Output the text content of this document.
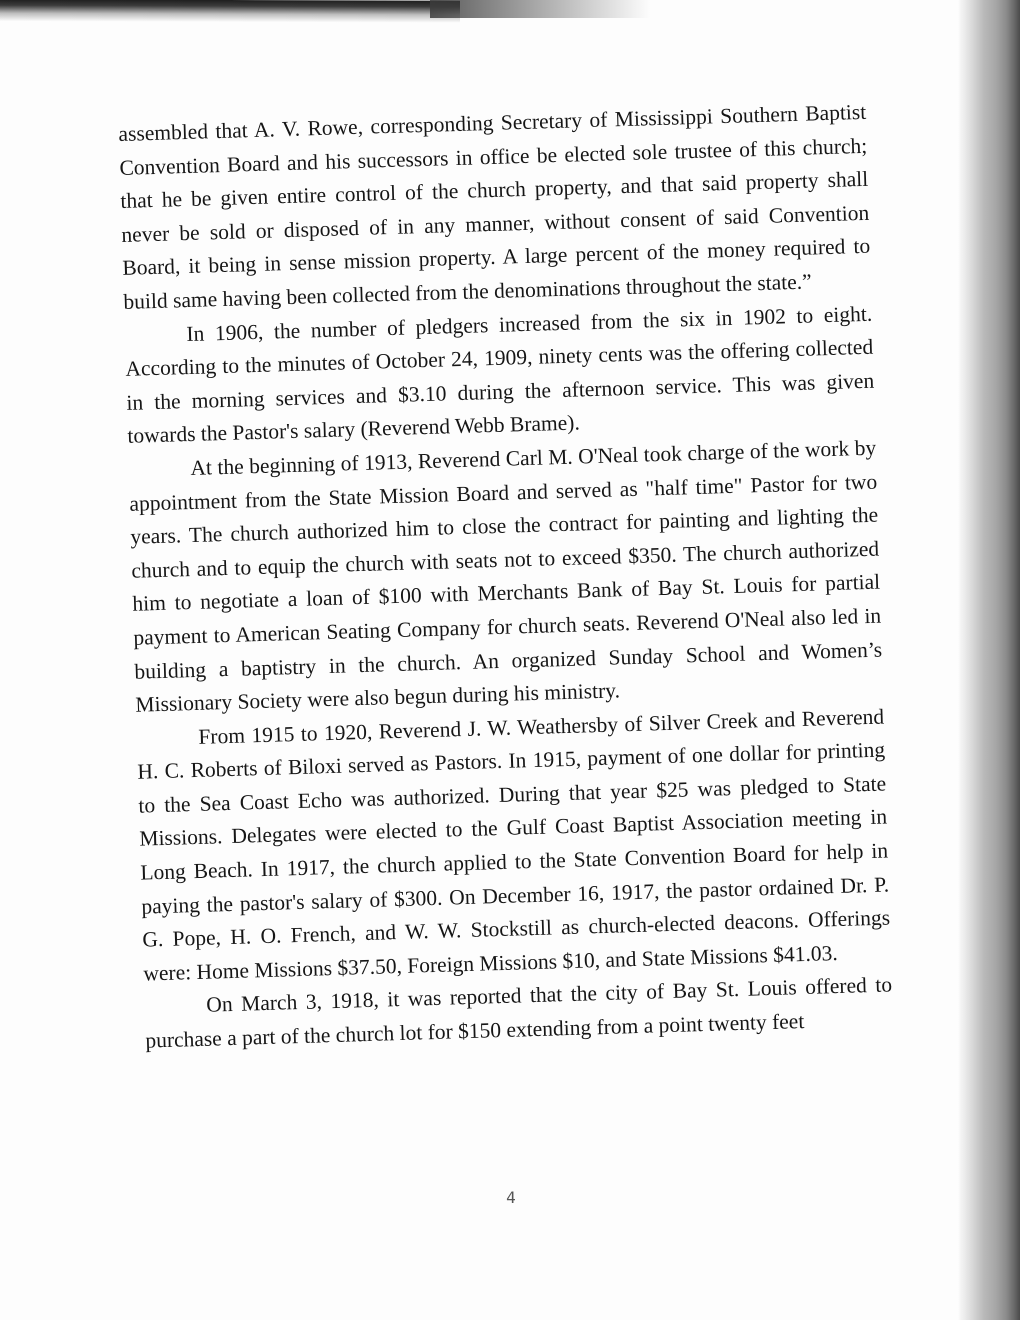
assembled that A. V. Rowe, corresponding Secretary of Mississippi Southern Baptist Convention Board and his successors in office be elected sole trustee of this church; that he be given entire control of the church property, and that said property shall never be sold or disposed of in any manner, without consent of said Convention Board, it being in sense mission property. A large percent of the money required to build same having been collected from the denominations throughout the state.”

In 1906, the number of pledgers increased from the six in 1902 to eight. According to the minutes of October 24, 1909, ninety cents was the offering collected in the morning services and $3.10 during the afternoon service. This was given towards the Pastor's salary (Reverend Webb Brame).

At the beginning of 1913, Reverend Carl M. O'Neal took charge of the work by appointment from the State Mission Board and served as "half time" Pastor for two years. The church authorized him to close the contract for painting and lighting the church and to equip the church with seats not to exceed $350. The church authorized him to negotiate a loan of $100 with Merchants Bank of Bay St. Louis for partial payment to American Seating Company for church seats. Reverend O'Neal also led in building a baptistry in the church. An organized Sunday School and Women’s Missionary Society were also begun during his ministry.

From 1915 to 1920, Reverend J. W. Weathersby of Silver Creek and Reverend H. C. Roberts of Biloxi served as Pastors. In 1915, payment of one dollar for printing to the Sea Coast Echo was authorized. During that year $25 was pledged to State Missions. Delegates were elected to the Gulf Coast Baptist Association meeting in Long Beach. In 1917, the church applied to the State Convention Board for help in paying the pastor's salary of $300. On December 16, 1917, the pastor ordained Dr. P. G. Pope, H. O. French, and W. W. Stockstill as church-elected deacons. Offerings were: Home Missions $37.50, Foreign Missions $10, and State Missions $41.03.

On March 3, 1918, it was reported that the city of Bay St. Louis offered to purchase a part of the church lot for $150 extending from a point twenty feet

4
